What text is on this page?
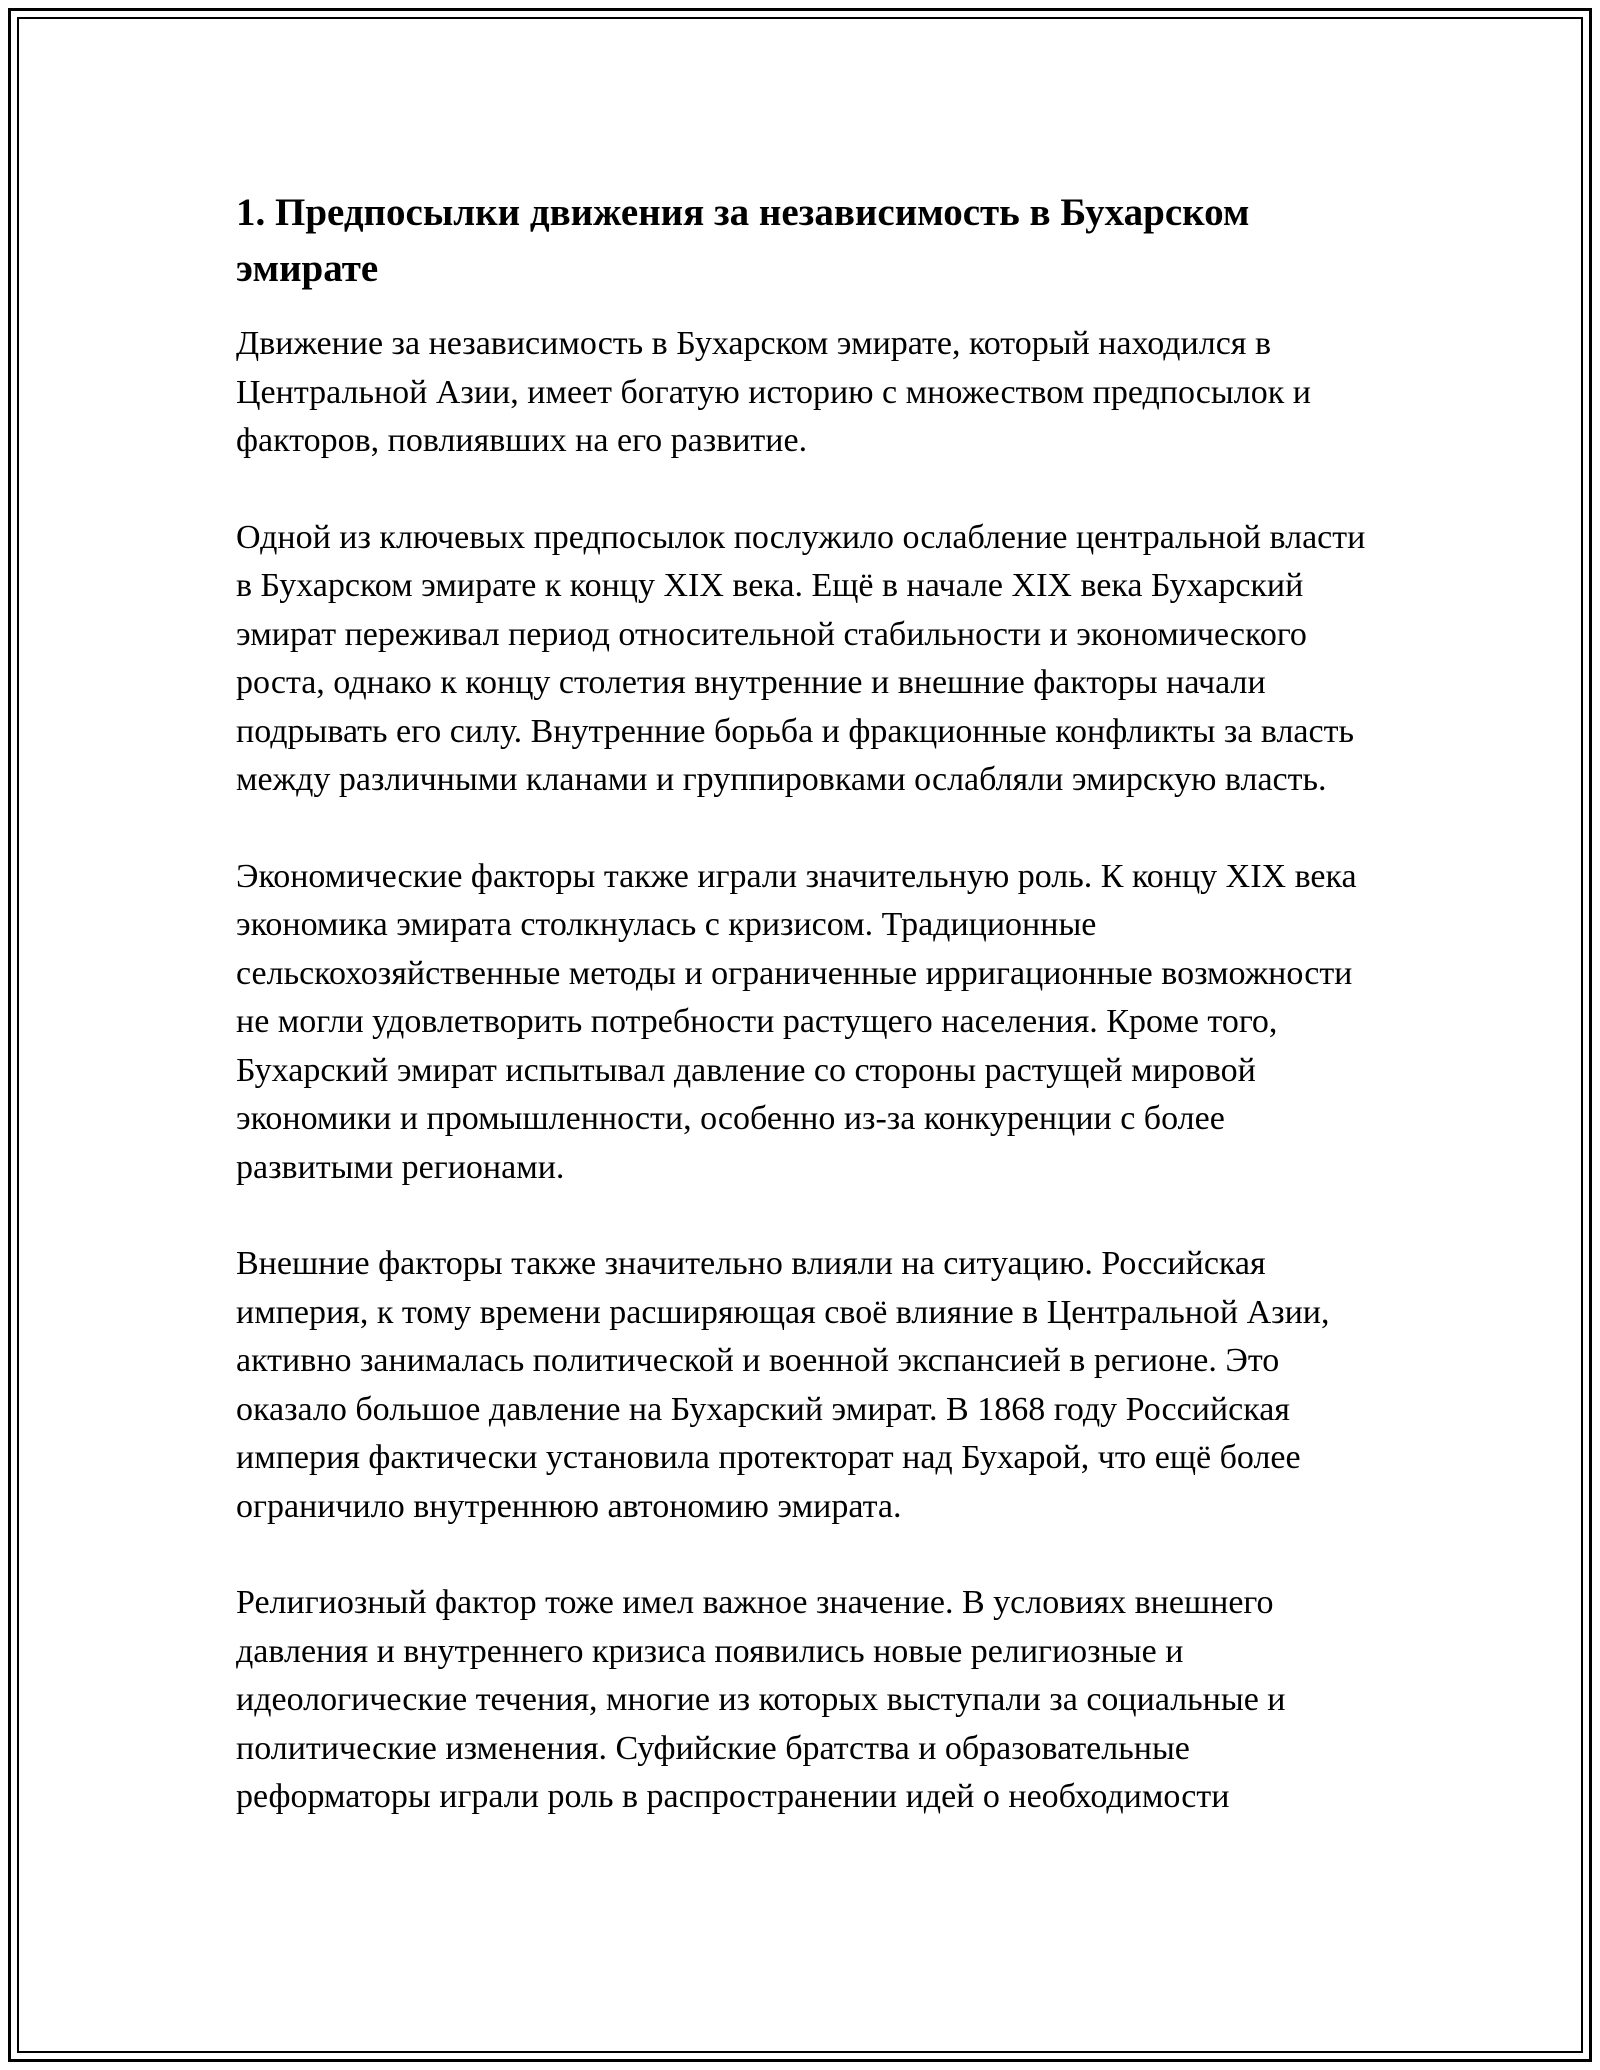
1. Предпосылки движения за независимость в Бухарском эмирате

Движение за независимость в Бухарском эмирате, который находился в Центральной Азии, имеет богатую историю с множеством предпосылок и факторов, повлиявших на его развитие.

Одной из ключевых предпосылок послужило ослабление центральной власти в Бухарском эмирате к концу XIX века. Ещё в начале XIX века Бухарский эмират переживал период относительной стабильности и экономического роста, однако к концу столетия внутренние и внешние факторы начали подрывать его силу. Внутренние борьба и фракционные конфликты за власть между различными кланами и группировками ослабляли эмирскую власть.

Экономические факторы также играли значительную роль. К концу XIX века экономика эмирата столкнулась с кризисом. Традиционные сельскохозяйственные методы и ограниченные ирригационные возможности не могли удовлетворить потребности растущего населения. Кроме того, Бухарский эмират испытывал давление со стороны растущей мировой экономики и промышленности, особенно из-за конкуренции с более развитыми регионами.

Внешние факторы также значительно влияли на ситуацию. Российская империя, к тому времени расширяющая своё влияние в Центральной Азии, активно занималась политической и военной экспансией в регионе. Это оказало большое давление на Бухарский эмират. В 1868 году Российская империя фактически установила протекторат над Бухарой, что ещё более ограничило внутреннюю автономию эмирата.

Религиозный фактор тоже имел важное значение. В условиях внешнего давления и внутреннего кризиса появились новые религиозные и идеологические течения, многие из которых выступали за социальные и политические изменения. Суфийские братства и образовательные реформаторы играли роль в распространении идей о необходимости
